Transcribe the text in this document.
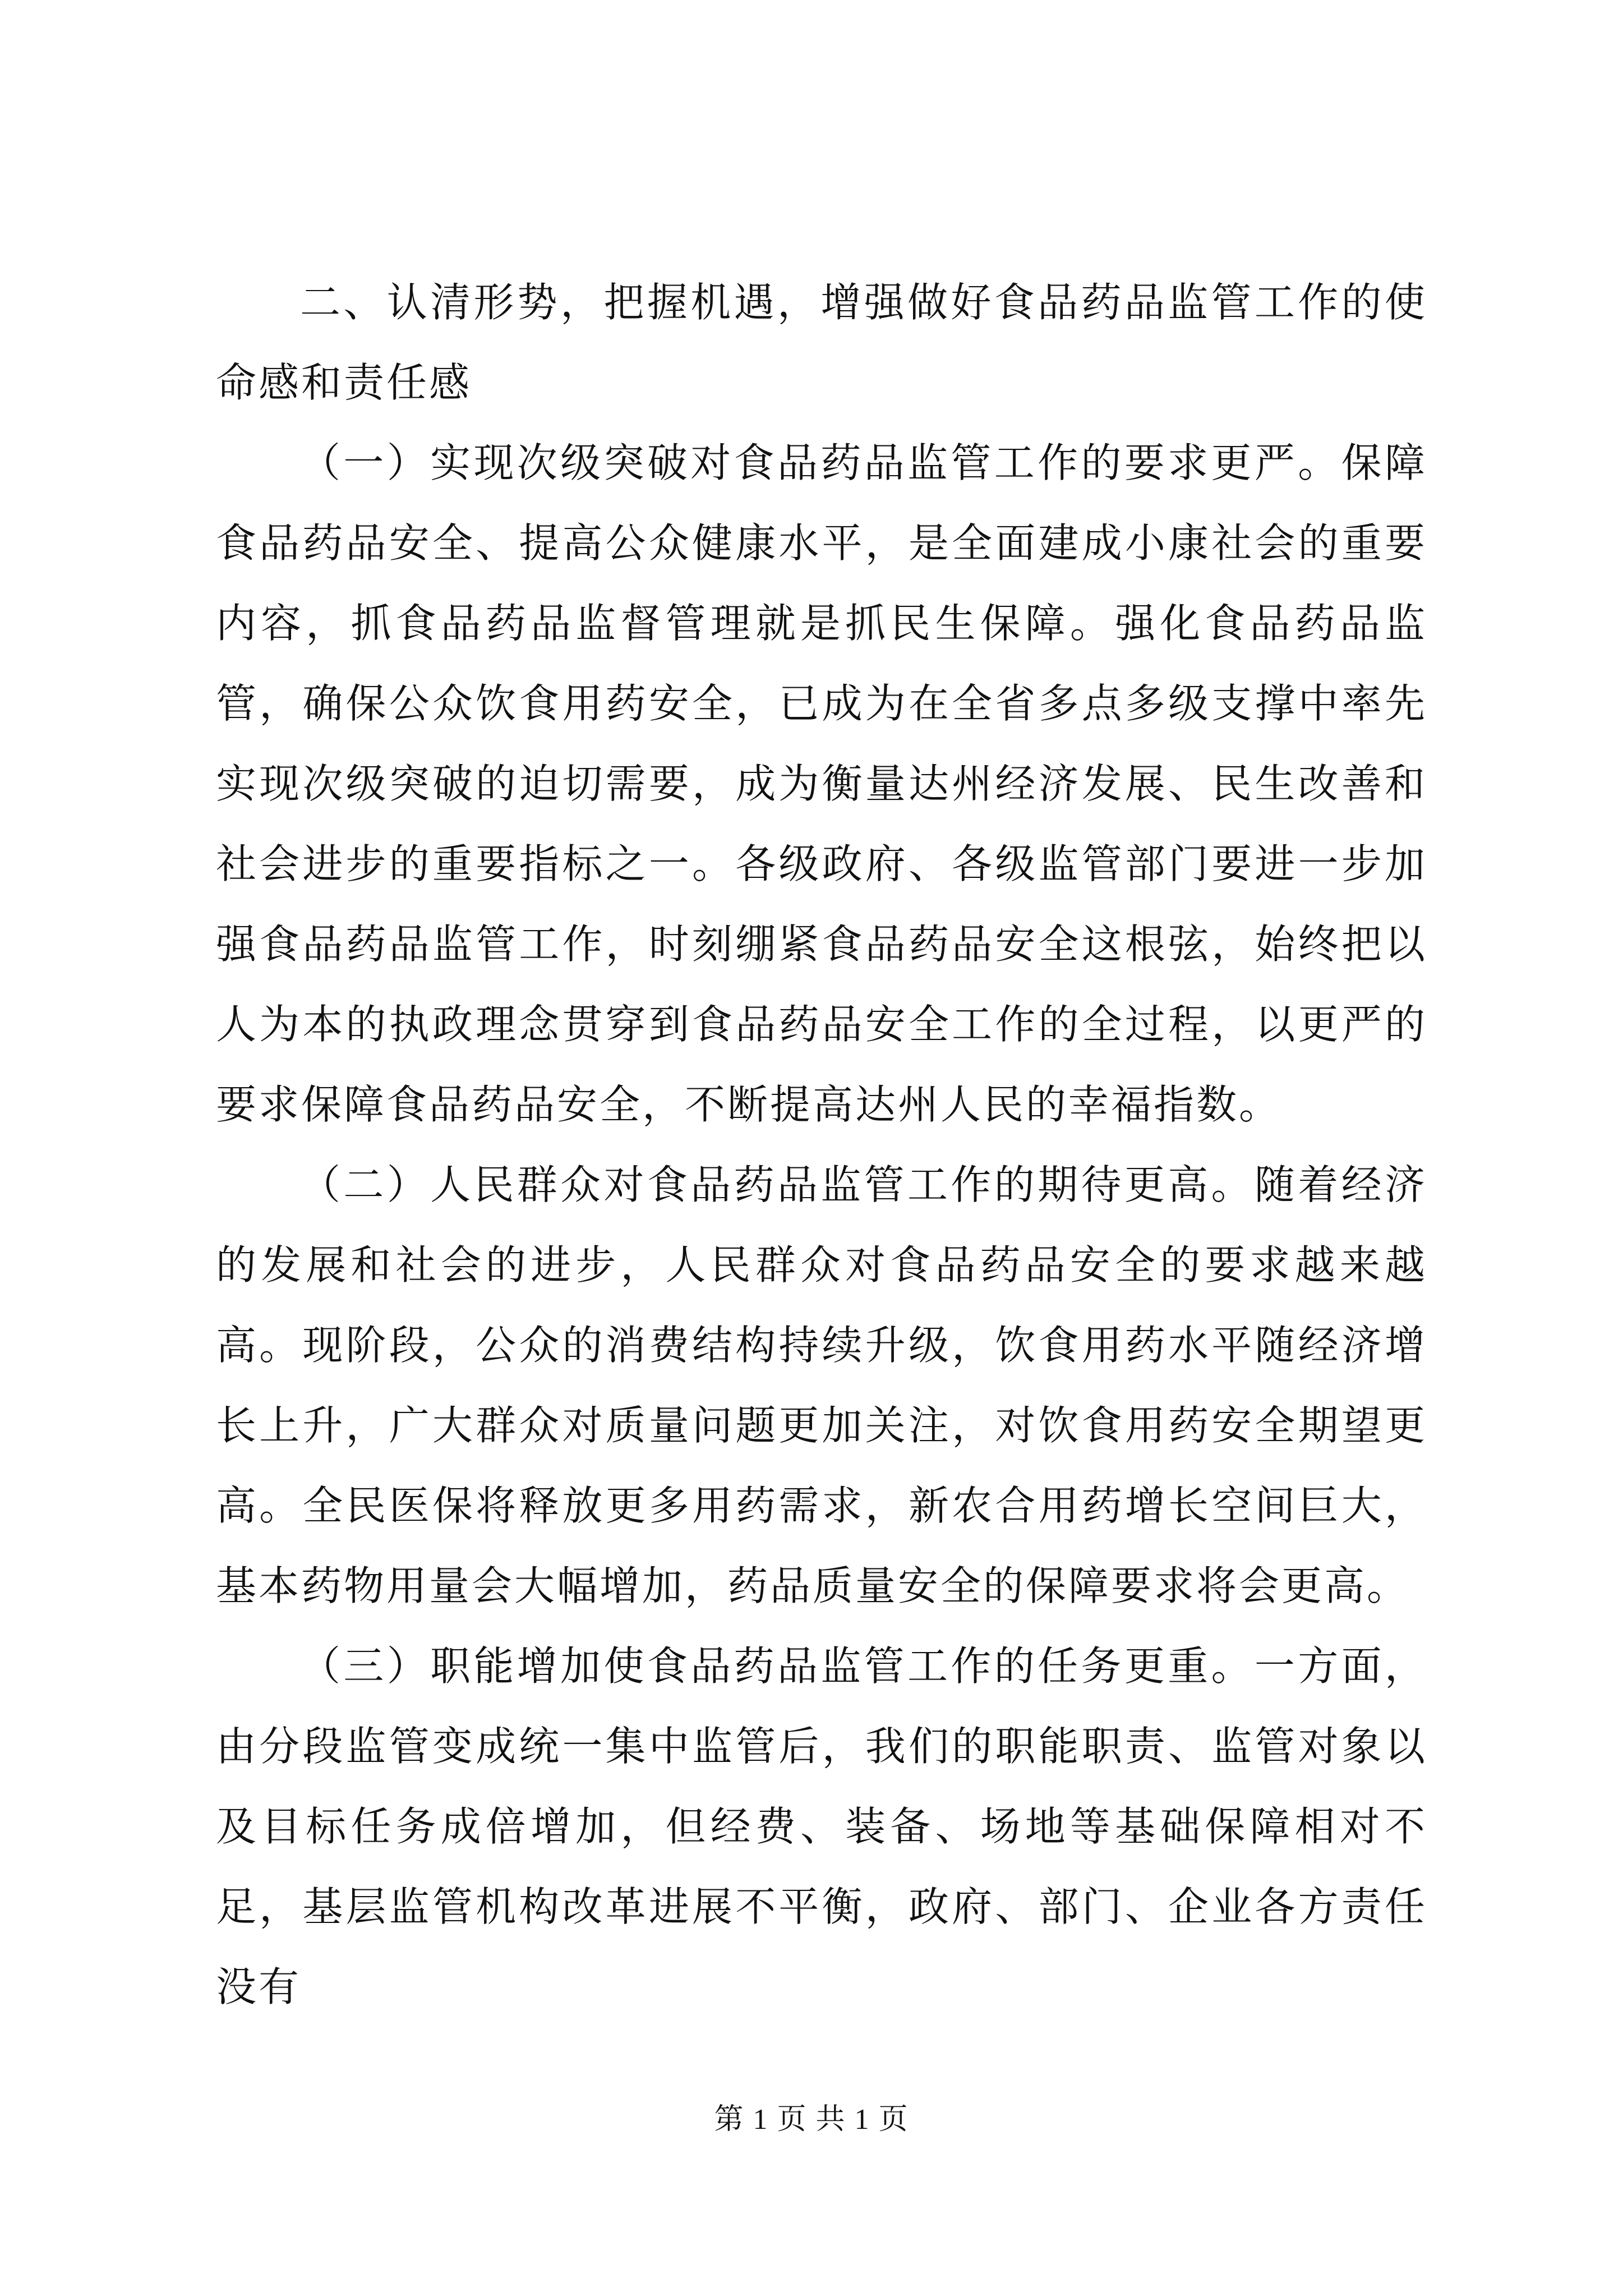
二、认清形势，把握机遇，增强做好食品药品监管工作的使命感和责任感

（一）实现次级突破对食品药品监管工作的要求更严。保障食品药品安全、提高公众健康水平，是全面建成小康社会的重要内容，抓食品药品监督管理就是抓民生保障。强化食品药品监管，确保公众饮食用药安全，已成为在全省多点多级支撑中率先实现次级突破的迫切需要，成为衡量达州经济发展、民生改善和社会进步的重要指标之一。各级政府、各级监管部门要进一步加强食品药品监管工作，时刻绷紧食品药品安全这根弦，始终把以人为本的执政理念贯穿到食品药品安全工作的全过程，以更严的要求保障食品药品安全，不断提高达州人民的幸福指数。

（二）人民群众对食品药品监管工作的期待更高。随着经济的发展和社会的进步，人民群众对食品药品安全的要求越来越高。现阶段，公众的消费结构持续升级，饮食用药水平随经济增长上升，广大群众对质量问题更加关注，对饮食用药安全期望更高。全民医保将释放更多用药需求，新农合用药增长空间巨大，基本药物用量会大幅增加，药品质量安全的保障要求将会更高。

（三）职能增加使食品药品监管工作的任务更重。一方面，由分段监管变成统一集中监管后，我们的职能职责、监管对象以及目标任务成倍增加，但经费、装备、场地等基础保障相对不足，基层监管机构改革进展不平衡，政府、部门、企业各方责任没有

第 1 页 共 1 页
